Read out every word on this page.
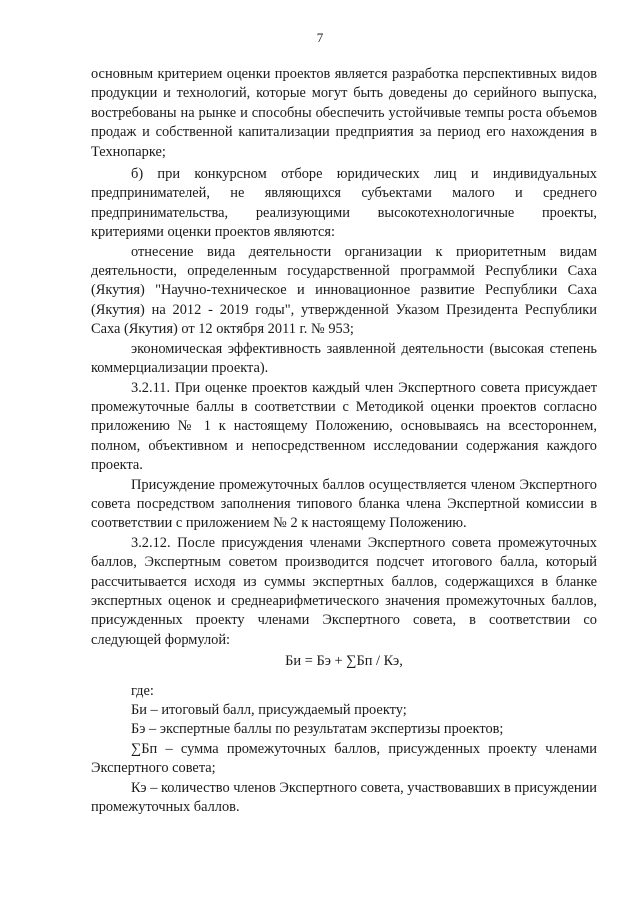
7

основным критерием оценки проектов является разработка перспективных видов продукции и технологий, которые могут быть доведены до серийного выпуска, востребованы на рынке и способны обеспечить устойчивые темпы роста объемов продаж и собственной капитализации предприятия за период его нахождения в Технопарке;

б) при конкурсном отборе юридических лиц и индивидуальных предпринимателей, не являющихся субъектами малого и среднего предпринимательства, реализующими высокотехнологичные проекты, критериями оценки проектов являются:

отнесение вида деятельности организации к приоритетным видам деятельности, определенным государственной программой Республики Саха (Якутия) "Научно-техническое и инновационное развитие Республики Саха (Якутия) на 2012 - 2019 годы", утвержденной Указом Президента Республики Саха (Якутия) от 12 октября 2011 г. № 953;

экономическая эффективность заявленной деятельности (высокая степень коммерциализации проекта).

3.2.11. При оценке проектов каждый член Экспертного совета присуждает промежуточные баллы в соответствии с Методикой оценки проектов согласно приложению № 1 к настоящему Положению, основываясь на всестороннем, полном, объективном и непосредственном исследовании содержания каждого проекта.

Присуждение промежуточных баллов осуществляется членом Экспертного совета посредством заполнения типового бланка члена Экспертной комиссии в соответствии с приложением № 2 к настоящему Положению.

3.2.12. После присуждения членами Экспертного совета промежуточных баллов, Экспертным советом производится подсчет итогового балла, который рассчитывается исходя из суммы экспертных баллов, содержащихся в бланке экспертных оценок и среднеарифметического значения промежуточных баллов, присужденных проекту членами Экспертного совета, в соответствии со следующей формулой:

Би = Бэ + ∑Бп / Кэ,

где:

Би – итоговый балл, присуждаемый проекту;

Бэ – экспертные баллы по результатам экспертизы проектов;

∑Бп – сумма промежуточных баллов, присужденных проекту членами Экспертного совета;

Кэ – количество членов Экспертного совета, участвовавших в присуждении промежуточных баллов.
